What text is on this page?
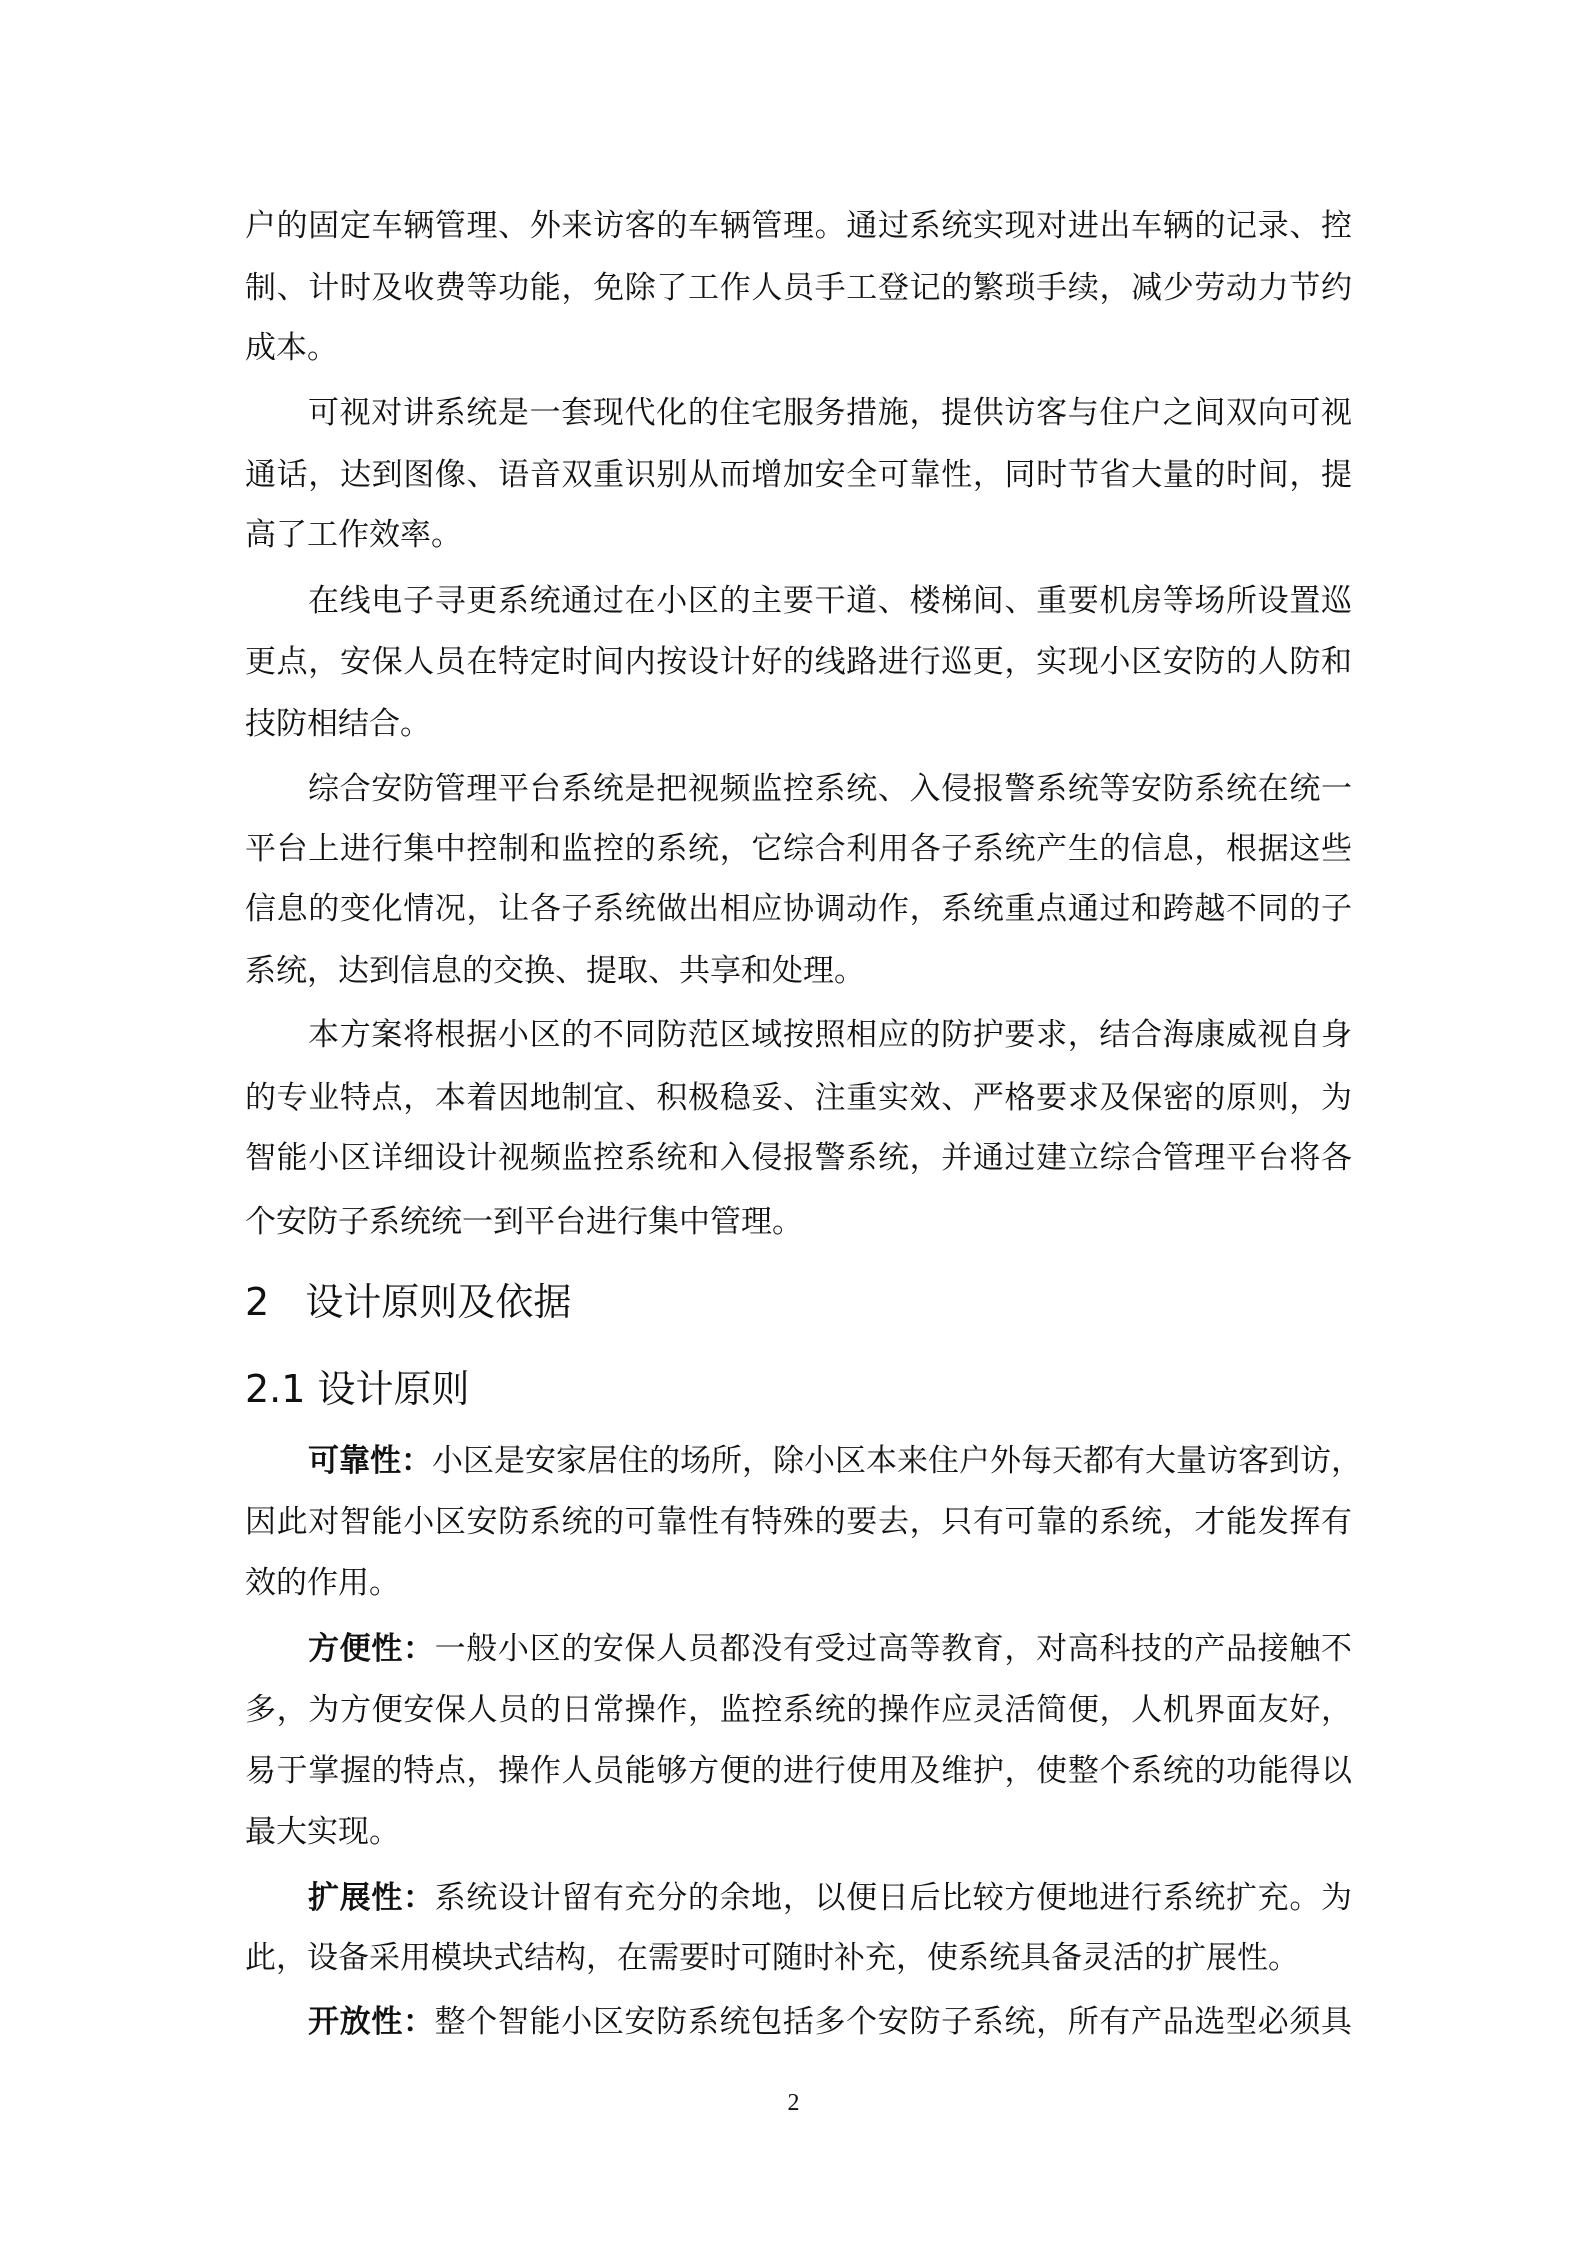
户的固定车辆管理、外来访客的车辆管理。通过系统实现对进出车辆的记录、控
制、计时及收费等功能，免除了工作人员手工登记的繁琐手续，减少劳动力节约
成本。
可视对讲系统是一套现代化的住宅服务措施，提供访客与住户之间双向可视
通话，达到图像、语音双重识别从而增加安全可靠性，同时节省大量的时间，提
高了工作效率。
在线电子寻更系统通过在小区的主要干道、楼梯间、重要机房等场所设置巡
更点，安保人员在特定时间内按设计好的线路进行巡更，实现小区安防的人防和
技防相结合。
综合安防管理平台系统是把视频监控系统、入侵报警系统等安防系统在统一
平台上进行集中控制和监控的系统，它综合利用各子系统产生的信息，根据这些
信息的变化情况，让各子系统做出相应协调动作，系统重点通过和跨越不同的子
系统，达到信息的交换、提取、共享和处理。
本方案将根据小区的不同防范区域按照相应的防护要求，结合海康威视自身
的专业特点，本着因地制宜、积极稳妥、注重实效、严格要求及保密的原则，为
智能小区详细设计视频监控系统和入侵报警系统，并通过建立综合管理平台将各
个安防子系统统一到平台进行集中管理。
2   设计原则及依据
2.1 设计原则
可靠性：小区是安家居住的场所，除小区本来住户外每天都有大量访客到访，
因此对智能小区安防系统的可靠性有特殊的要去，只有可靠的系统，才能发挥有
效的作用。
方便性：一般小区的安保人员都没有受过高等教育，对高科技的产品接触不
多，为方便安保人员的日常操作，监控系统的操作应灵活简便，人机界面友好，
易于掌握的特点，操作人员能够方便的进行使用及维护，使整个系统的功能得以
最大实现。
扩展性：系统设计留有充分的余地，以便日后比较方便地进行系统扩充。为
此，设备采用模块式结构，在需要时可随时补充，使系统具备灵活的扩展性。
开放性：整个智能小区安防系统包括多个安防子系统，所有产品选型必须具
2
